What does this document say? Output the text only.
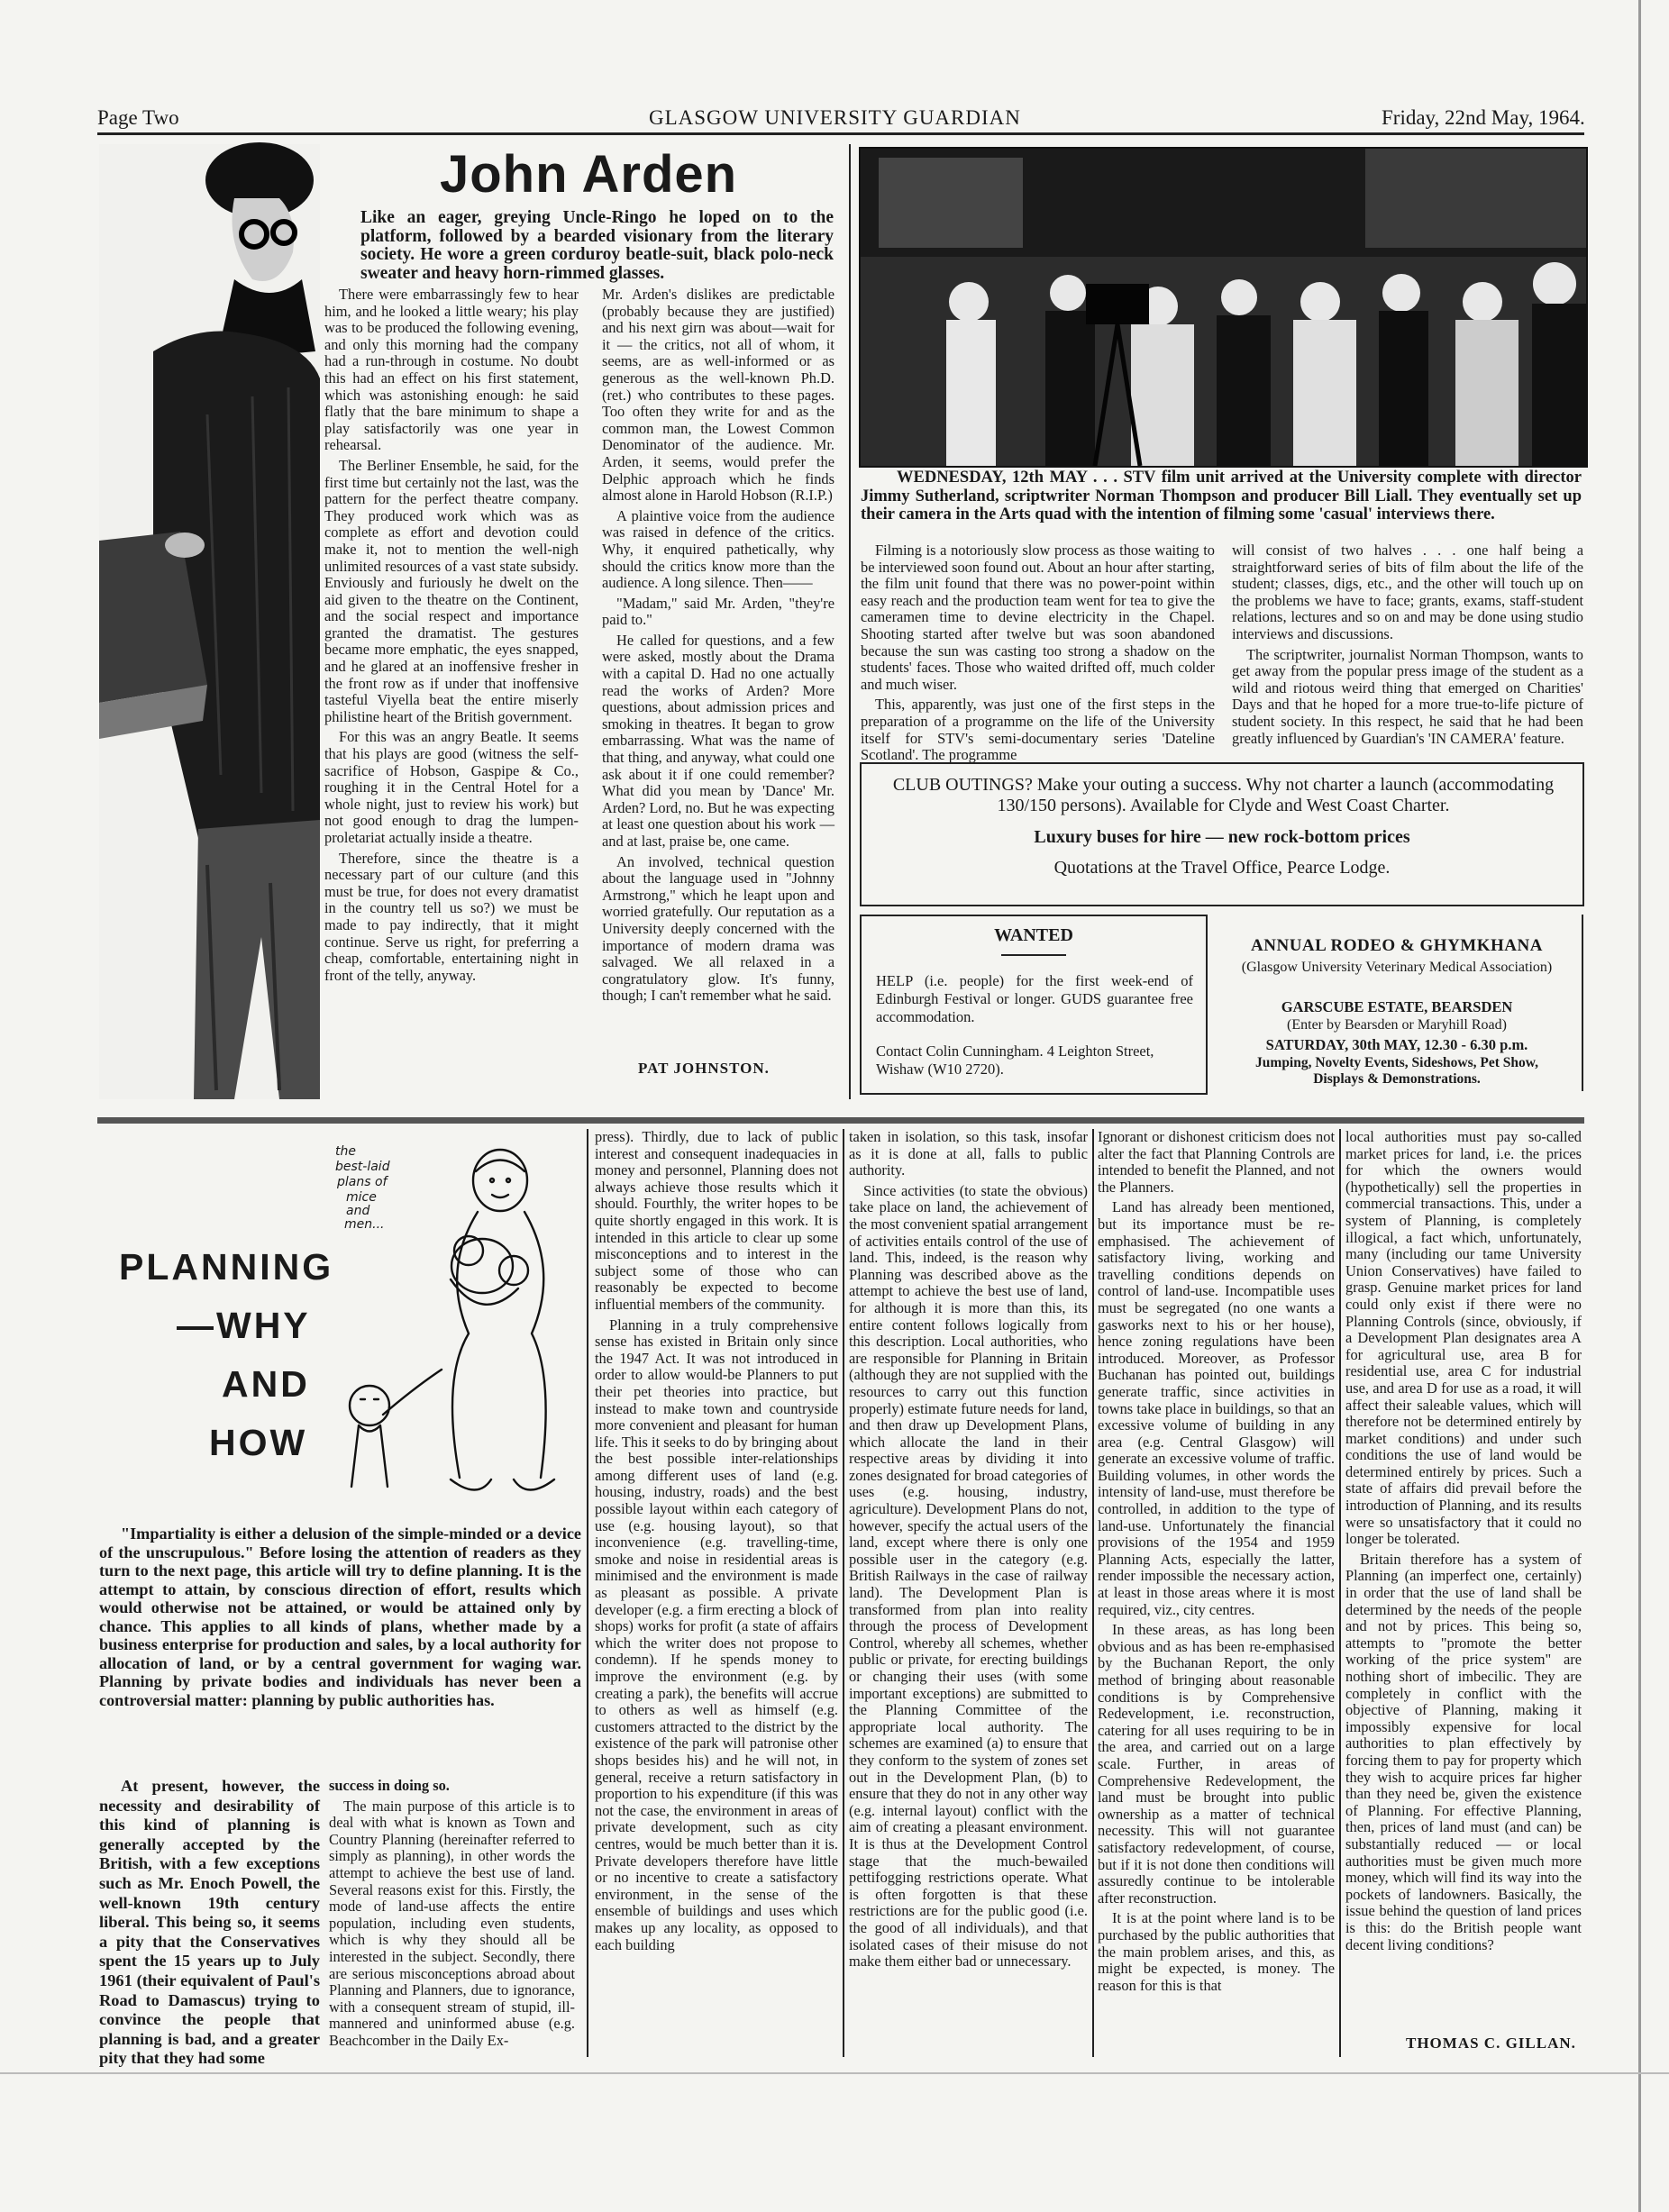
Page Two	GLASGOW UNIVERSITY GUARDIAN	Friday, 22nd May, 1964.
John Arden
Like an eager, greying Uncle-Ringo he loped on to the platform, followed by a bearded visionary from the literary society. He wore a green corduroy beatle-suit, black polo-neck sweater and heavy horn-rimmed glasses.

There were embarrassingly few to hear him, and he looked a little weary; his play was to be produced the following evening, and only this morning had the company had a run-through in costume. No doubt this had an effect on his first statement, which was astonishing enough: he said flatly that the bare minimum to shape a play satisfactorily was one year in rehearsal.

The Berliner Ensemble, he said, for the first time but certainly not the last, was the pattern for the perfect theatre company. They produced work which was as complete as effort and devotion could make it, not to mention the well-nigh unlimited resources of a vast state subsidy. Enviously and furiously he dwelt on the aid given to the theatre on the Continent, and the social respect and importance granted the dramatist. The gestures became more emphatic, the eyes snapped, and he glared at an inoffensive fresher in the front row as if under that inoffensive tasteful Viyella beat the entire miserly philistine heart of the British government.

For this was an angry Beatle. It seems that his plays are good (witness the self-sacrifice of Hobson, Gaspipe & Co., roughing it in the Central Hotel for a whole night, just to review his work) but not good enough to drag the lumpen-proletariat actually inside a theatre.

Therefore, since the theatre is a necessary part of our culture (and this must be true, for does not every dramatist in the country tell us so?) we must be made to pay indirectly, that it might continue. Serve us right, for preferring a cheap, comfortable, entertaining night in front of the telly, anyway.

Mr. Arden's dislikes are predictable (probably because they are justified) and his next girn was about—wait for it — the critics, not all of whom, it seems, are as well-informed or as generous as the well-known Ph.D. (ret.) who contributes to these pages. Too often they write for and as the common man, the Lowest Common Denominator of the audience. Mr. Arden, it seems, would prefer the Delphic approach which he finds almost alone in Harold Hobson (R.I.P.)

A plaintive voice from the audience was raised in defence of the critics. Why, it enquired pathetically, why should the critics know more than the audience. A long silence. Then——

"Madam," said Mr. Arden, "they're paid to."

He called for questions, and a few were asked, mostly about the Drama with a capital D. Had no one actually read the works of Arden? More questions, about admission prices and smoking in theatres. It began to grow embarrassing. What was the name of that thing, and anyway, what could one ask about it if one could remember? What did you mean by 'Dance' Mr. Arden? Lord, no. But he was expecting at least one question about his work — and at last, praise be, one came.

An involved, technical question about the language used in "Johnny Armstrong," which he leapt upon and worried gratefully. Our reputation as a University deeply concerned with the importance of modern drama was salvaged. We all relaxed in a congratulatory glow. It's funny, though; I can't remember what he said.

PAT JOHNSTON.
WEDNESDAY, 12th MAY . . . STV film unit arrived at the University complete with director Jimmy Sutherland, scriptwriter Norman Thompson and producer Bill Liall. They eventually set up their camera in the Arts quad with the intention of filming some 'casual' interviews there.

Filming is a notoriously slow process as those waiting to be interviewed soon found out. About an hour after starting, the film unit found that there was no power-point within easy reach and the production team went for tea to give the cameramen time to devine electricity in the Chapel. Shooting started after twelve but was soon abandoned because the sun was casting too strong a shadow on the students' faces. Those who waited drifted off, much colder and much wiser.

This, apparently, was just one of the first steps in the preparation of a programme on the life of the University itself for STV's semi-documentary series 'Dateline Scotland'. The programme

will consist of two halves . . . one half being a straightforward series of bits of film about the life of the student; classes, digs, etc., and the other will touch up on the problems we have to face; grants, exams, staff-student relations, lectures and so on and may be done using studio interviews and discussions.

The scriptwriter, journalist Norman Thompson, wants to get away from the popular press image of the student as a wild and riotous weird thing that emerged on Charities' Days and that he hoped for a more true-to-life picture of student society. In this respect, he said that he had been greatly influenced by Guardian's 'IN CAMERA' feature.

CLUB OUTINGS? Make your outing a success. Why not charter a launch (accommodating 130/150 persons). Available for Clyde and West Coast Charter.
Luxury buses for hire — new rock-bottom prices
Quotations at the Travel Office, Pearce Lodge.
WANTED
HELP (i.e. people) for the first week-end of Edinburgh Festival or longer. GUDS guarantee free accommodation.
Contact Colin Cunningham. 4 Leighton Street, Wishaw (W10 2720).
ANNUAL RODEO & GHYMKHANA
(Glasgow University Veterinary Medical Association)
GARSCUBE ESTATE, BEARSDEN
(Enter by Bearsden or Maryhill Road)
SATURDAY, 30th MAY, 12.30 - 6.30 p.m.
Jumping, Novelty Events, Sideshows, Pet Show, Displays & Demonstrations.
PLANNING
—WHY
AND
HOW
the
best-laid
plans of
mice
and
men...
"Impartiality is either a delusion of the simple-minded or a device of the unscrupulous." Before losing the attention of readers as they turn to the next page, this article will try to define planning. It is the attempt to attain, by conscious direction of effort, results which would otherwise not be attained, or would be attained only by chance. This applies to all kinds of plans, whether made by a business enterprise for production and sales, by a local authority for allocation of land, or by a central government for waging war. Planning by private bodies and individuals has never been a controversial matter: planning by public authorities has.
At present, however, the necessity and desirability of this kind of planning is generally accepted by the British, with a few exceptions such as Mr. Enoch Powell, the well-known 19th century liberal. This being so, it seems a pity that the Conservatives spent the 15 years up to July 1961 (their equivalent of Paul's Road to Damascus) trying to convince the people that planning is bad, and a greater pity that they had some

success in doing so.

The main purpose of this article is to deal with what is known as Town and Country Planning (hereinafter referred to simply as planning), in other words the attempt to achieve the best use of land. Several reasons exist for this. Firstly, the mode of land-use affects the entire population, including even students, which is why they should all be interested in the subject. Secondly, there are serious misconceptions abroad about Planning and Planners, due to ignorance, with a consequent stream of stupid, ill-mannered and uninformed abuse (e.g. Beachcomber in the Daily Ex-

press). Thirdly, due to lack of public interest and consequent inadequacies in money and personnel, Planning does not always achieve those results which it should. Fourthly, the writer hopes to be quite shortly engaged in this work. It is intended in this article to clear up some misconceptions and to interest in the subject some of those who can reasonably be expected to become influential members of the community.

Planning in a truly comprehensive sense has existed in Britain only since the 1947 Act. It was not introduced in order to allow would-be Planners to put their pet theories into practice, but instead to make town and countryside more convenient and pleasant for human life. This it seeks to do by bringing about the best possible inter-relationships among different uses of land (e.g. housing, industry, roads) and the best possible layout within each category of use (e.g. housing layout), so that inconvenience (e.g. travelling-time, smoke and noise in residential areas is minimised and the environment is made as pleasant as possible. A private developer (e.g. a firm erecting a block of shops) works for profit (a state of affairs which the writer does not propose to condemn). If he spends money to improve the environment (e.g. by creating a park), the benefits will accrue to others as well as himself (e.g. customers attracted to the district by the existence of the park will patronise other shops besides his) and he will not, in general, receive a return satisfactory in proportion to his expenditure (if this was not the case, the environment in areas of private development, such as city centres, would be much better than it is. Private developers therefore have little or no incentive to create a satisfactory environment, in the sense of the ensemble of buildings and uses which makes up any locality, as opposed to each building

taken in isolation, so this task, insofar as it is done at all, falls to public authority.

Since activities (to state the obvious) take place on land, the achievement of the most convenient spatial arrangement of activities entails control of the use of land. This, indeed, is the reason why Planning was described above as the attempt to achieve the best use of land, for although it is more than this, its entire content follows logically from this description. Local authorities, who are responsible for Planning in Britain (although they are not supplied with the resources to carry out this function properly) estimate future needs for land, and then draw up Development Plans, which allocate the land in their respective areas by dividing it into zones designated for broad categories of uses (e.g. housing, industry, agriculture). Development Plans do not, however, specify the actual users of the land, except where there is only one possible user in the category (e.g. British Railways in the case of railway land). The Development Plan is transformed from plan into reality through the process of Development Control, whereby all schemes, whether public or private, for erecting buildings or changing their uses (with some important exceptions) are submitted to the Planning Committee of the appropriate local authority. The schemes are examined (a) to ensure that they conform to the system of zones set out in the Development Plan, (b) to ensure that they do not in any other way (e.g. internal layout) conflict with the aim of creating a pleasant environment. It is thus at the Development Control stage that the much-bewailed pettifogging restrictions operate. What is often forgotten is that these restrictions are for the public good (i.e. the good of all individuals), and that isolated cases of their misuse do not make them either bad or unnecessary.

Ignorant or dishonest criticism does not alter the fact that Planning Controls are intended to benefit the Planned, and not the Planners.

Land has already been mentioned, but its importance must be re-emphasised. The achievement of satisfactory living, working and travelling conditions depends on control of land-use. Incompatible uses must be segregated (no one wants a gasworks next to his or her house), hence zoning regulations have been introduced. Moreover, as Professor Buchanan has pointed out, buildings generate traffic, since activities in towns take place in buildings, so that an excessive volume of building in any area (e.g. Central Glasgow) will generate an excessive volume of traffic. Building volumes, in other words the intensity of land-use, must therefore be controlled, in addition to the type of land-use. Unfortunately the financial provisions of the 1954 and 1959 Planning Acts, especially the latter, render impossible the necessary action, at least in those areas where it is most required, viz., city centres.

In these areas, as has long been obvious and as has been re-emphasised by the Buchanan Report, the only method of bringing about reasonable conditions is by Comprehensive Redevelopment, i.e. reconstruction, catering for all uses requiring to be in the area, and carried out on a large scale. Further, in areas of Comprehensive Redevelopment, the land must be brought into public ownership as a matter of technical necessity. This will not guarantee satisfactory redevelopment, of course, but if it is not done then conditions will assuredly continue to be intolerable after reconstruction.

It is at the point where land is to be purchased by the public authorities that the main problem arises, and this, as might be expected, is money. The reason for this is that

local authorities must pay so-called market prices for land, i.e. the prices for which the owners would (hypothetically) sell the properties in commercial transactions. This, under a system of Planning, is completely illogical, a fact which, unfortunately, many (including our tame University Union Conservatives) have failed to grasp. Genuine market prices for land could only exist if there were no Planning Controls (since, obviously, if a Development Plan designates area A for agricultural use, area B for residential use, area C for industrial use, and area D for use as a road, it will affect their saleable values, which will therefore not be determined entirely by market conditions) and under such conditions the use of land would be determined entirely by prices. Such a state of affairs did prevail before the introduction of Planning, and its results were so unsatisfactory that it could no longer be tolerated.

Britain therefore has a system of Planning (an imperfect one, certainly) in order that the use of land shall be determined by the needs of the people and not by prices. This being so, attempts to "promote the better working of the price system" are nothing short of imbecilic. They are completely in conflict with the objective of Planning, making it impossibly expensive for local authorities to plan effectively by forcing them to pay for property which they wish to acquire prices far higher than they need be, given the existence of Planning. For effective Planning, then, prices of land must (and can) be substantially reduced — or local authorities must be given much more money, which will find its way into the pockets of landowners. Basically, the issue behind the question of land prices is this: do the British people want decent living conditions?

THOMAS C. GILLAN.
